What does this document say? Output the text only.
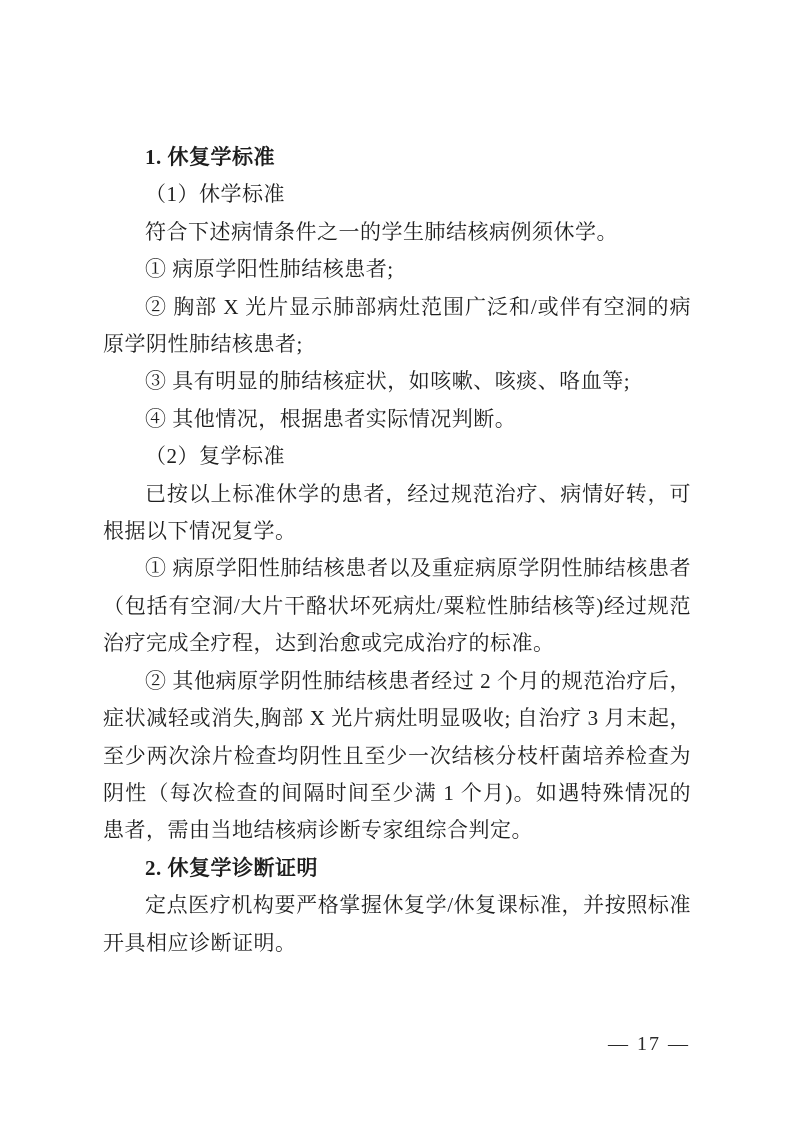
1. 休复学标准

（1）休学标准

符合下述病情条件之一的学生肺结核病例须休学。

① 病原学阳性肺结核患者;

② 胸部 X 光片显示肺部病灶范围广泛和/或伴有空洞的病原学阴性肺结核患者;

③ 具有明显的肺结核症状，如咳嗽、咳痰、咯血等;

④ 其他情况，根据患者实际情况判断。

（2）复学标准

已按以上标准休学的患者，经过规范治疗、病情好转，可根据以下情况复学。

① 病原学阳性肺结核患者以及重症病原学阴性肺结核患者（包括有空洞/大片干酪状坏死病灶/粟粒性肺结核等)经过规范治疗完成全疗程，达到治愈或完成治疗的标准。

② 其他病原学阴性肺结核患者经过 2 个月的规范治疗后，症状减轻或消失,胸部 X 光片病灶明显吸收; 自治疗 3 月末起，至少两次涂片检查均阴性且至少一次结核分枝杆菌培养检查为阴性（每次检查的间隔时间至少满 1 个月)。如遇特殊情况的患者，需由当地结核病诊断专家组综合判定。

2. 休复学诊断证明

定点医疗机构要严格掌握休复学/休复课标准，并按照标准开具相应诊断证明。

— 17 —
